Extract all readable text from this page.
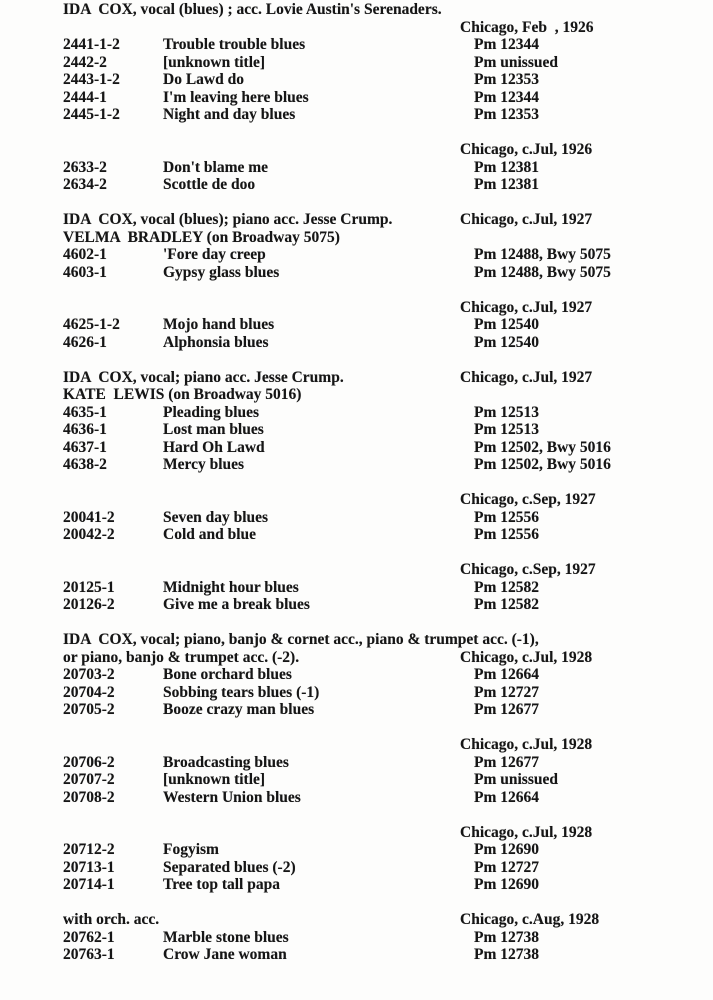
IDA  COX, vocal (blues) ; acc. Lovie Austin's Serenaders.
Chicago, Feb  , 1926
2441-1-2	Trouble trouble blues	Pm 12344
2442-2	[unknown title]	Pm unissued
2443-1-2	Do Lawd do	Pm 12353
2444-1	I'm leaving here blues	Pm 12344
2445-1-2	Night and day blues	Pm 12353
Chicago, c.Jul, 1926
2633-2	Don't blame me	Pm 12381
2634-2	Scottle de doo	Pm 12381
IDA  COX, vocal (blues); piano acc. Jesse Crump.	Chicago, c.Jul, 1927
VELMA  BRADLEY (on Broadway 5075)
4602-1	'Fore day creep	Pm 12488, Bwy 5075
4603-1	Gypsy glass blues	Pm 12488, Bwy 5075
Chicago, c.Jul, 1927
4625-1-2	Mojo hand blues	Pm 12540
4626-1	Alphonsia blues	Pm 12540
IDA  COX, vocal; piano acc. Jesse Crump.	Chicago, c.Jul, 1927
KATE  LEWIS (on Broadway 5016)
4635-1	Pleading blues	Pm 12513
4636-1	Lost man blues	Pm 12513
4637-1	Hard Oh Lawd	Pm 12502, Bwy 5016
4638-2	Mercy blues	Pm 12502, Bwy 5016
Chicago, c.Sep, 1927
20041-2	Seven day blues	Pm 12556
20042-2	Cold and blue	Pm 12556
Chicago, c.Sep, 1927
20125-1	Midnight hour blues	Pm 12582
20126-2	Give me a break blues	Pm 12582
IDA  COX, vocal; piano, banjo & cornet acc., piano & trumpet acc. (-1),
or piano, banjo & trumpet acc. (-2).	Chicago, c.Jul, 1928
20703-2	Bone orchard blues	Pm 12664
20704-2	Sobbing tears blues (-1)	Pm 12727
20705-2	Booze crazy man blues	Pm 12677
Chicago, c.Jul, 1928
20706-2	Broadcasting blues	Pm 12677
20707-2	[unknown title]	Pm unissued
20708-2	Western Union blues	Pm 12664
Chicago, c.Jul, 1928
20712-2	Fogyism	Pm 12690
20713-1	Separated blues (-2)	Pm 12727
20714-1	Tree top tall papa	Pm 12690
with orch. acc.	Chicago, c.Aug, 1928
20762-1	Marble stone blues	Pm 12738
20763-1	Crow Jane woman	Pm 12738
